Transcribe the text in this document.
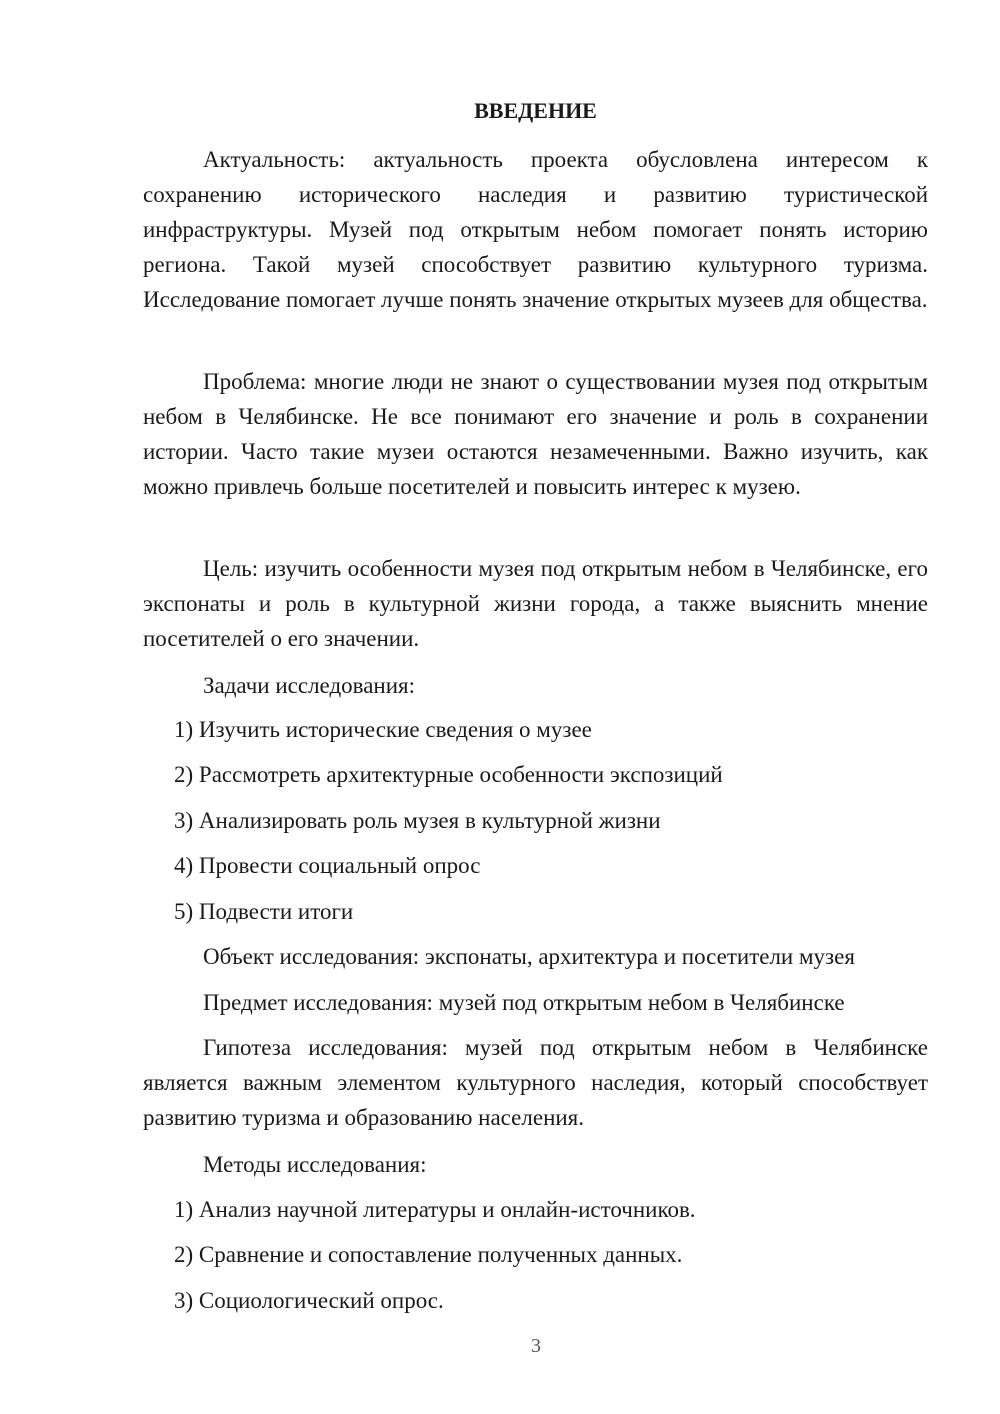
ВВЕДЕНИЕ

Актуальность: актуальность проекта обусловлена интересом к сохранению исторического наследия и развитию туристической инфраструктуры. Музей под открытым небом помогает понять историю региона. Такой музей способствует развитию культурного туризма. Исследование помогает лучше понять значение открытых музеев для общества.

Проблема: многие люди не знают о существовании музея под открытым небом в Челябинске. Не все понимают его значение и роль в сохранении истории. Часто такие музеи остаются незамеченными. Важно изучить, как можно привлечь больше посетителей и повысить интерес к музею.

Цель: изучить особенности музея под открытым небом в Челябинске, его экспонаты и роль в культурной жизни города, а также выяснить мнение посетителей о его значении.

Задачи исследования:

1) Изучить исторические сведения о музее

2) Рассмотреть архитектурные особенности экспозиций

3) Анализировать роль музея в культурной жизни

4) Провести социальный опрос

5) Подвести итоги

Объект исследования: экспонаты, архитектура и посетители музея

Предмет исследования: музей под открытым небом в Челябинске

Гипотеза исследования: музей под открытым небом в Челябинске является важным элементом культурного наследия, который способствует развитию туризма и образованию населения.

Методы исследования:

1) Анализ научной литературы и онлайн-источников.

2) Сравнение и сопоставление полученных данных.

3) Социологический опрос.

3
